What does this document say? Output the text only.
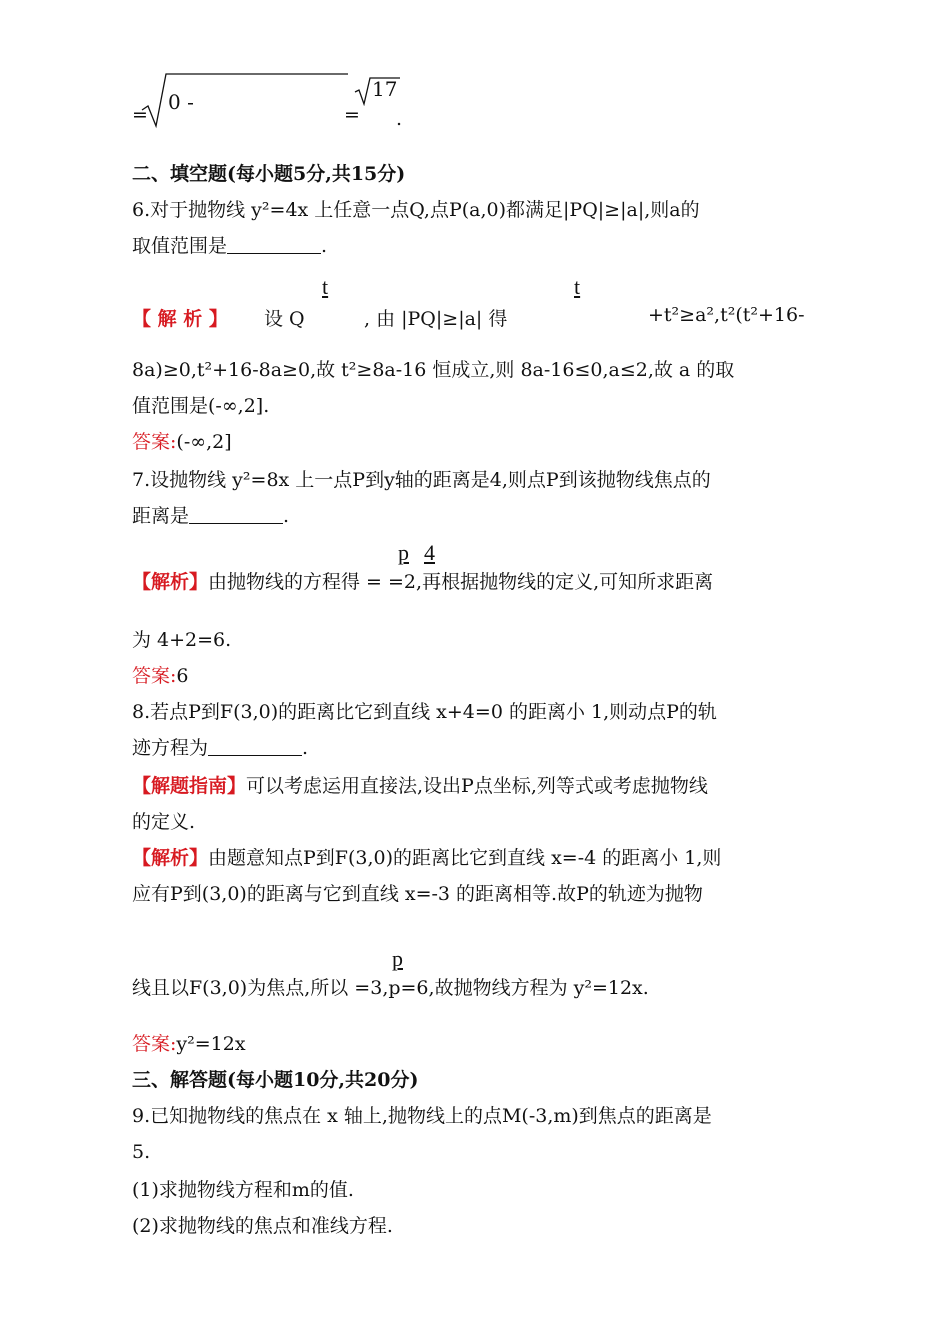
=
0 -
=
17
.
二、填空题(每小题5分,共15分)
6.对于抛物线 y²=4x 上任意一点Q,点P(a,0)都满足|PQ|≥|a|,则a的
取值范围是	.
【 解 析 】 设 Q
t
, 由 |PQ|≥|a| 得
t
+t²≥a²,t²(t²+16-
8a)≥0,t²+16-8a≥0,故 t²≥8a-16 恒成立,则 8a-16≤0,a≤2,故 a 的取
值范围是(-∞,2].
答案:(-∞,2]
7.设抛物线 y²=8x 上一点P到y轴的距离是4,则点P到该抛物线焦点的
距离是	.
p 4
【解析】由抛物线的方程得 = =2,再根据抛物线的定义,可知所求距离
为 4+2=6.
答案:6
8.若点P到F(3,0)的距离比它到直线 x+4=0 的距离小 1,则动点P的轨
迹方程为	.
【解题指南】可以考虑运用直接法,设出P点坐标,列等式或考虑抛物线
的定义.
【解析】由题意知点P到F(3,0)的距离比它到直线 x=-4 的距离小 1,则
应有P到(3,0)的距离与它到直线 x=-3 的距离相等.故P的轨迹为抛物
p
线且以F(3,0)为焦点,所以 =3,p=6,故抛物线方程为 y²=12x.
答案:y²=12x
三、解答题(每小题10分,共20分)
9.已知抛物线的焦点在 x 轴上,抛物线上的点M(-3,m)到焦点的距离是
5.
(1)求抛物线方程和m的值.
(2)求抛物线的焦点和准线方程.
